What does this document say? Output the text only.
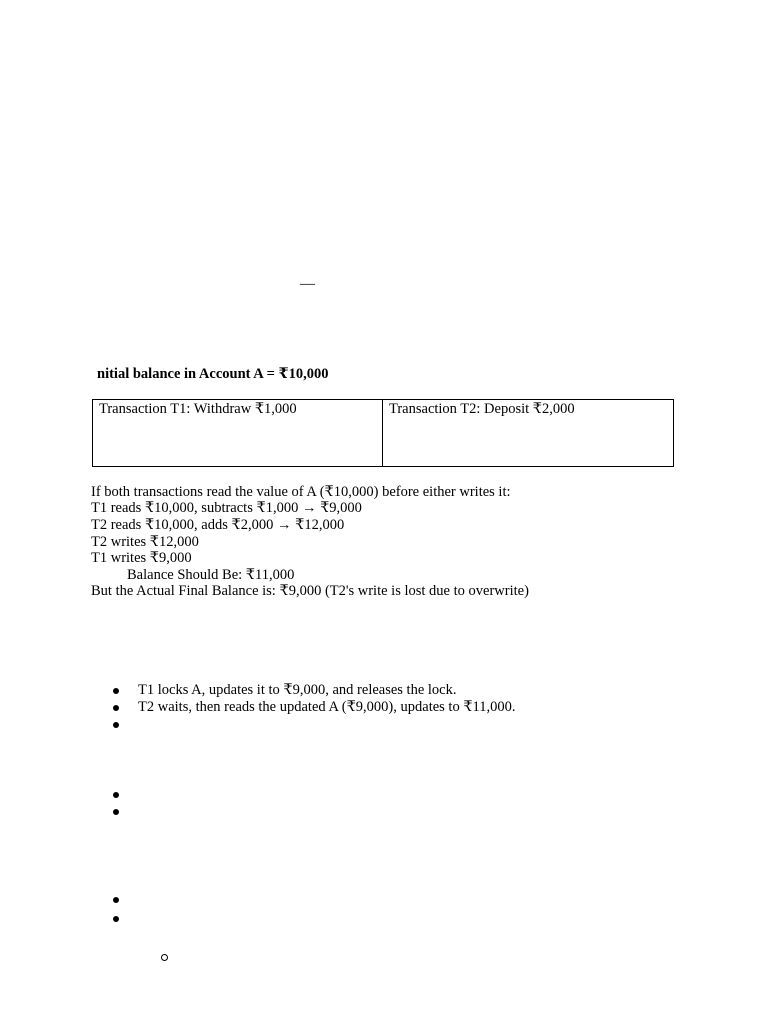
—
nitial balance in Account A = ₹10,000
Transaction T1: Withdraw ₹1,000	Transaction T2: Deposit ₹2,000
If both transactions read the value of A (₹10,000) before either writes it:
T1 reads ₹10,000, subtracts ₹1,000 → ₹9,000
T2 reads ₹10,000, adds ₹2,000 → ₹12,000
T2 writes ₹12,000
T1 writes ₹9,000
Balance Should Be: ₹11,000
But the Actual Final Balance is: ₹9,000 (T2's write is lost due to overwrite)
T1 locks A, updates it to ₹9,000, and releases the lock.
T2 waits, then reads the updated A (₹9,000), updates to ₹11,000.
